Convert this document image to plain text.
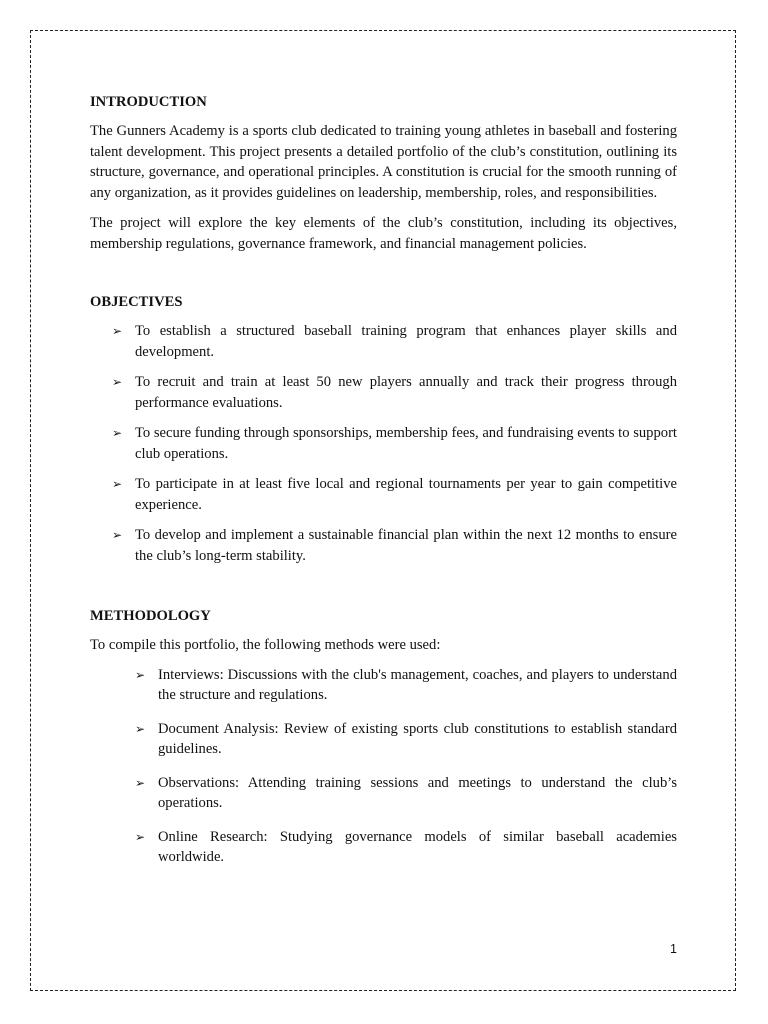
INTRODUCTION

The Gunners Academy is a sports club dedicated to training young athletes in baseball and fostering talent development. This project presents a detailed portfolio of the club’s constitution, outlining its structure, governance, and operational principles. A constitution is crucial for the smooth running of any organization, as it provides guidelines on leadership, membership, roles, and responsibilities.

The project will explore the key elements of the club’s constitution, including its objectives, membership regulations, governance framework, and financial management policies.

OBJECTIVES
➢ To establish a structured baseball training program that enhances player skills and development.
➢ To recruit and train at least 50 new players annually and track their progress through performance evaluations.
➢ To secure funding through sponsorships, membership fees, and fundraising events to support club operations.
➢ To participate in at least five local and regional tournaments per year to gain competitive experience.
➢ To develop and implement a sustainable financial plan within the next 12 months to ensure the club’s long-term stability.
METHODOLOGY

To compile this portfolio, the following methods were used:

➢ Interviews: Discussions with the club's management, coaches, and players to understand the structure and regulations.
➢ Document Analysis: Review of existing sports club constitutions to establish standard guidelines.
➢ Observations: Attending training sessions and meetings to understand the club’s operations.
➢ Online Research: Studying governance models of similar baseball academies worldwide.
1
